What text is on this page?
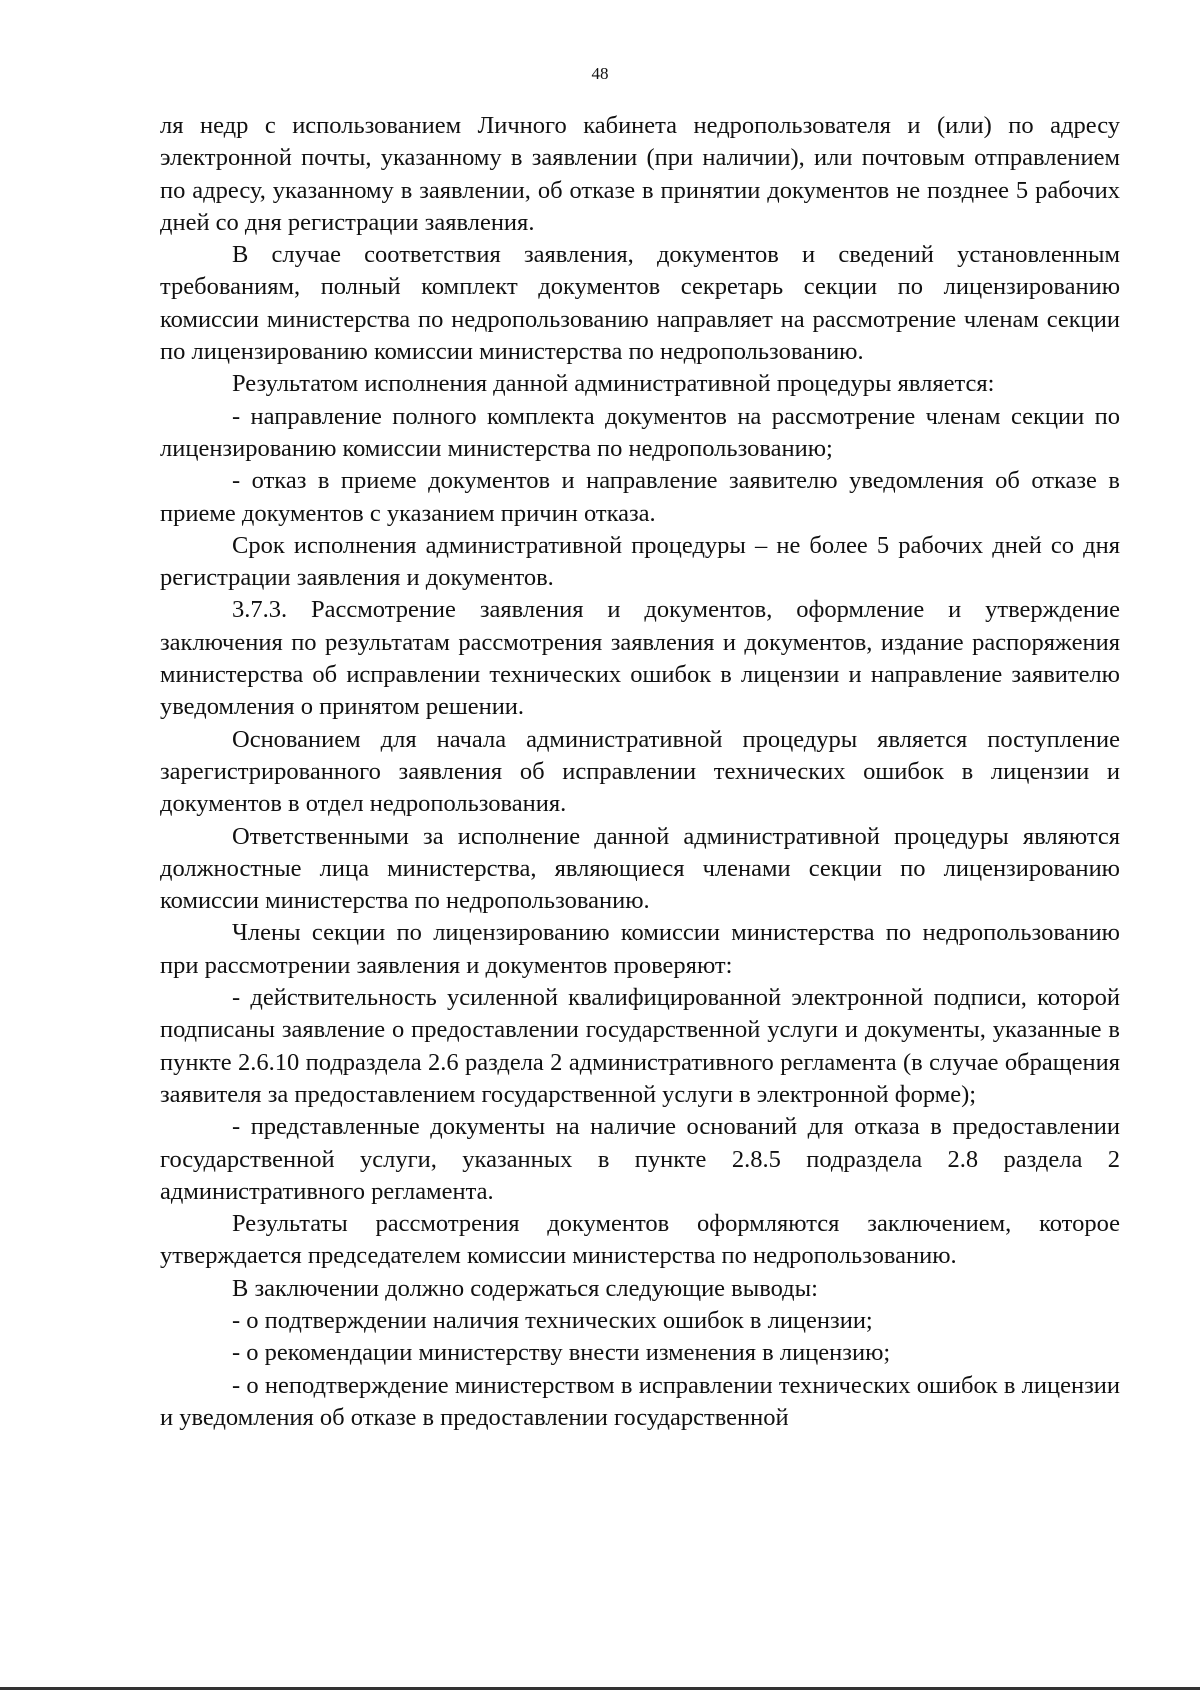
48

ля недр с использованием Личного кабинета недропользователя и (или) по адресу электронной почты, указанному в заявлении (при наличии), или почтовым отправлением по адресу, указанному в заявлении, об отказе в принятии документов не позднее 5 рабочих дней со дня регистрации заявления.

В случае соответствия заявления, документов и сведений установленным требованиям, полный комплект документов секретарь секции по лицензированию комиссии министерства по недропользованию направляет на рассмотрение членам секции по лицензированию комиссии министерства по недропользованию.

Результатом исполнения данной административной процедуры является:

- направление полного комплекта документов на рассмотрение членам секции по лицензированию комиссии министерства по недропользованию;

- отказ в приеме документов и направление заявителю уведомления об отказе в приеме документов с указанием причин отказа.

Срок исполнения административной процедуры – не более 5 рабочих дней со дня регистрации заявления и документов.

3.7.3. Рассмотрение заявления и документов, оформление и утверждение заключения по результатам рассмотрения заявления и документов, издание распоряжения министерства об исправлении технических ошибок в лицензии и направление заявителю уведомления о принятом решении.

Основанием для начала административной процедуры является поступление зарегистрированного заявления об исправлении технических ошибок в лицензии и документов в отдел недропользования.

Ответственными за исполнение данной административной процедуры являются должностные лица министерства, являющиеся членами секции по лицензированию комиссии министерства по недропользованию.

Члены секции по лицензированию комиссии министерства по недропользованию при рассмотрении заявления и документов проверяют:

- действительность усиленной квалифицированной электронной подписи, которой подписаны заявление о предоставлении государственной услуги и документы, указанные в пункте 2.6.10 подраздела 2.6 раздела 2 административного регламента (в случае обращения заявителя за предоставлением государственной услуги в электронной форме);

- представленные документы на наличие оснований для отказа в предоставлении государственной услуги, указанных в пункте 2.8.5 подраздела 2.8 раздела 2 административного регламента.

Результаты рассмотрения документов оформляются заключением, которое утверждается председателем комиссии министерства по недропользованию.

В заключении должно содержаться следующие выводы:

- о подтверждении наличия технических ошибок в лицензии;

- о рекомендации министерству внести изменения в лицензию;

- о неподтверждение министерством в исправлении технических ошибок в лицензии и уведомления об отказе в предоставлении государственной
